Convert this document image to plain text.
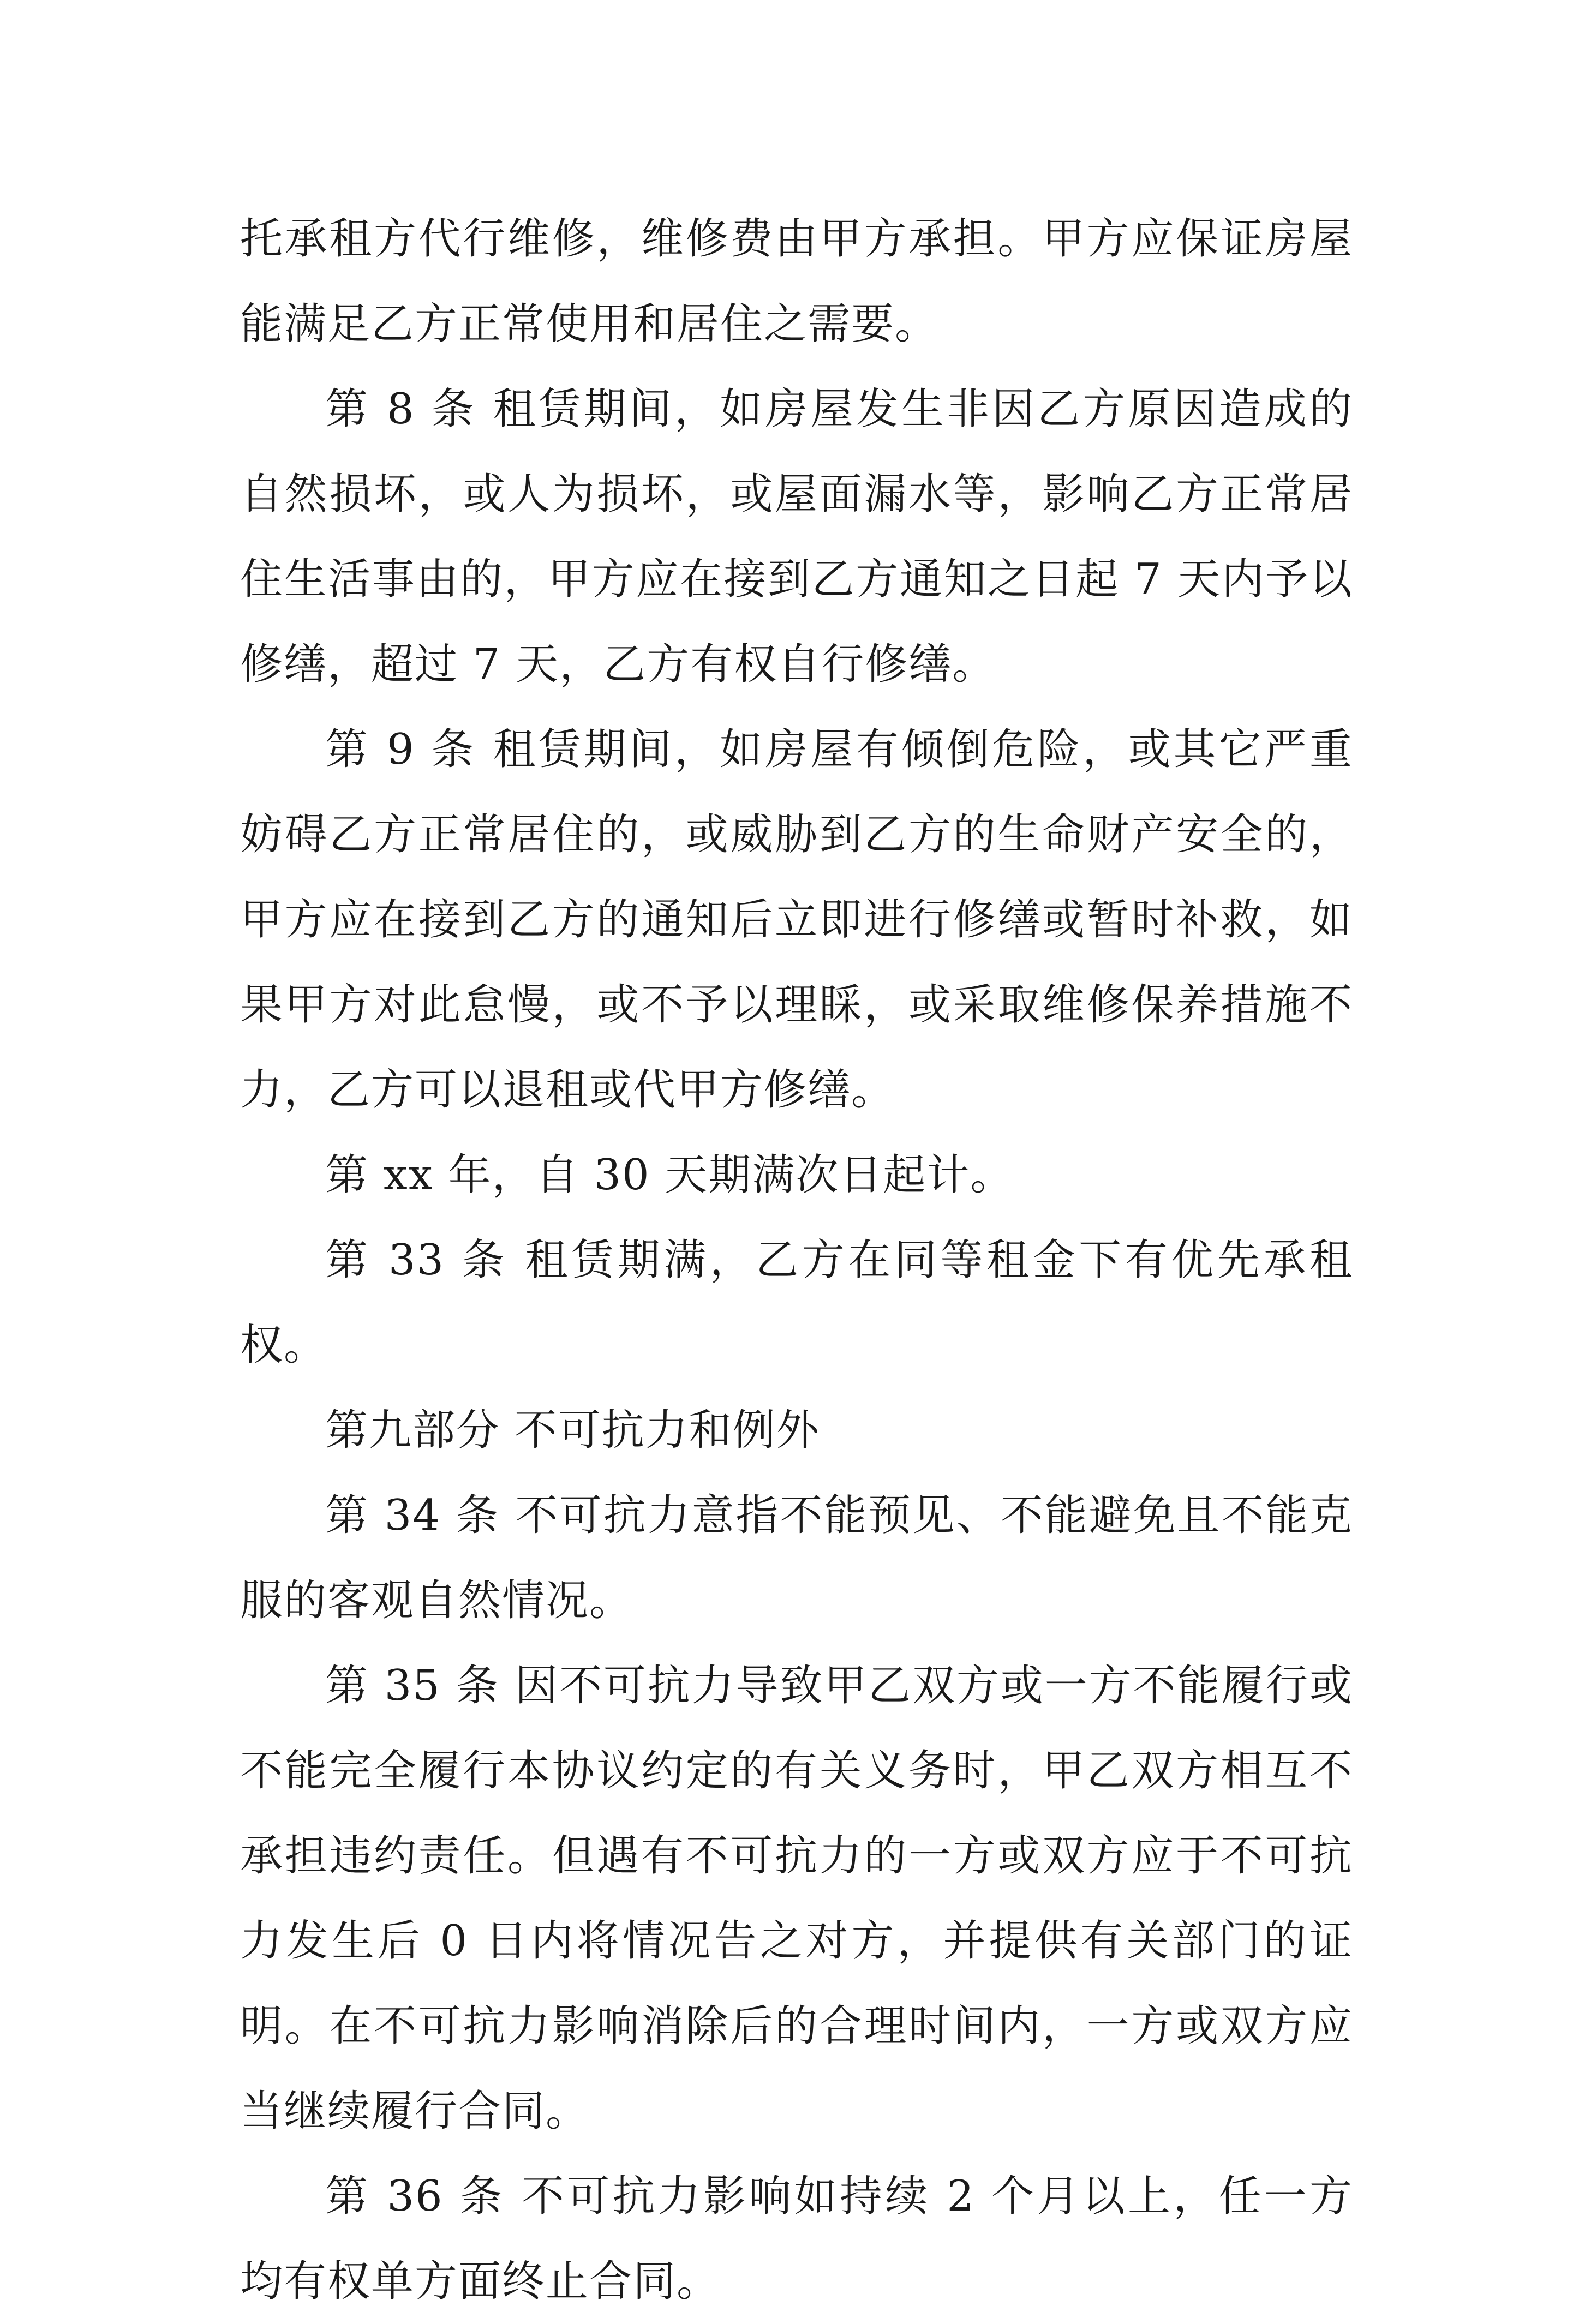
托承租方代行维修，维修费由甲方承担。甲方应保证房屋能满足乙方正常使用和居住之需要。

第 8 条 租赁期间，如房屋发生非因乙方原因造成的自然损坏，或人为损坏，或屋面漏水等，影响乙方正常居住生活事由的，甲方应在接到乙方通知之日起 7 天内予以修缮，超过 7 天，乙方有权自行修缮。

第 9 条 租赁期间，如房屋有倾倒危险，或其它严重妨碍乙方正常居住的，或威胁到乙方的生命财产安全的，甲方应在接到乙方的通知后立即进行修缮或暂时补救，如果甲方对此怠慢，或不予以理睬，或采取维修保养措施不力，乙方可以退租或代甲方修缮。

第 xx 年，自 30 天期满次日起计。

第 33 条 租赁期满，乙方在同等租金下有优先承租权。

第九部分 不可抗力和例外

第 34 条 不可抗力意指不能预见、不能避免且不能克服的客观自然情况。

第 35 条 因不可抗力导致甲乙双方或一方不能履行或不能完全履行本协议约定的有关义务时，甲乙双方相互不承担违约责任。但遇有不可抗力的一方或双方应于不可抗力发生后 0 日内将情况告之对方，并提供有关部门的证明。在不可抗力影响消除后的合理时间内，一方或双方应当继续履行合同。

第 36 条 不可抗力影响如持续 2 个月以上，任一方均有权单方面终止合同。
